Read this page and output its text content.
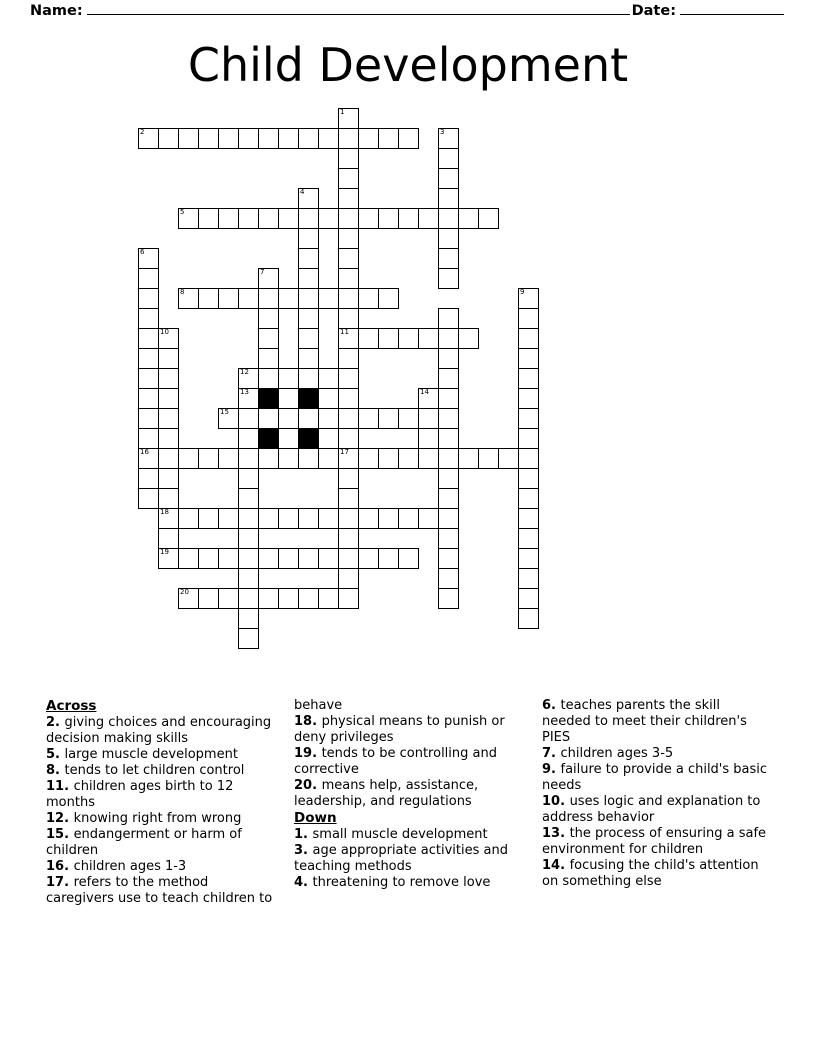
Name:	Date:
Child Development
1
2	3
4
5
6
7
8	9
10	11
12
13	14
15
16	17
18
19
20
Across
2. giving choices and encouraging decision making skills
5. large muscle development
8. tends to let children control
11. children ages birth to 12 months
12. knowing right from wrong
15. endangerment or harm of children
16. children ages 1-3
17. refers to the method caregivers use to teach children to behave
18. physical means to punish or deny privileges
19. tends to be controlling and corrective
20. means help, assistance, leadership, and regulations
Down
1. small muscle development
3. age appropriate activities and teaching methods
4. threatening to remove love
6. teaches parents the skill needed to meet their children's PIES
7. children ages 3-5
9. failure to provide a child's basic needs
10. uses logic and explanation to address behavior
13. the process of ensuring a safe environment for children
14. focusing the child's attention on something else
